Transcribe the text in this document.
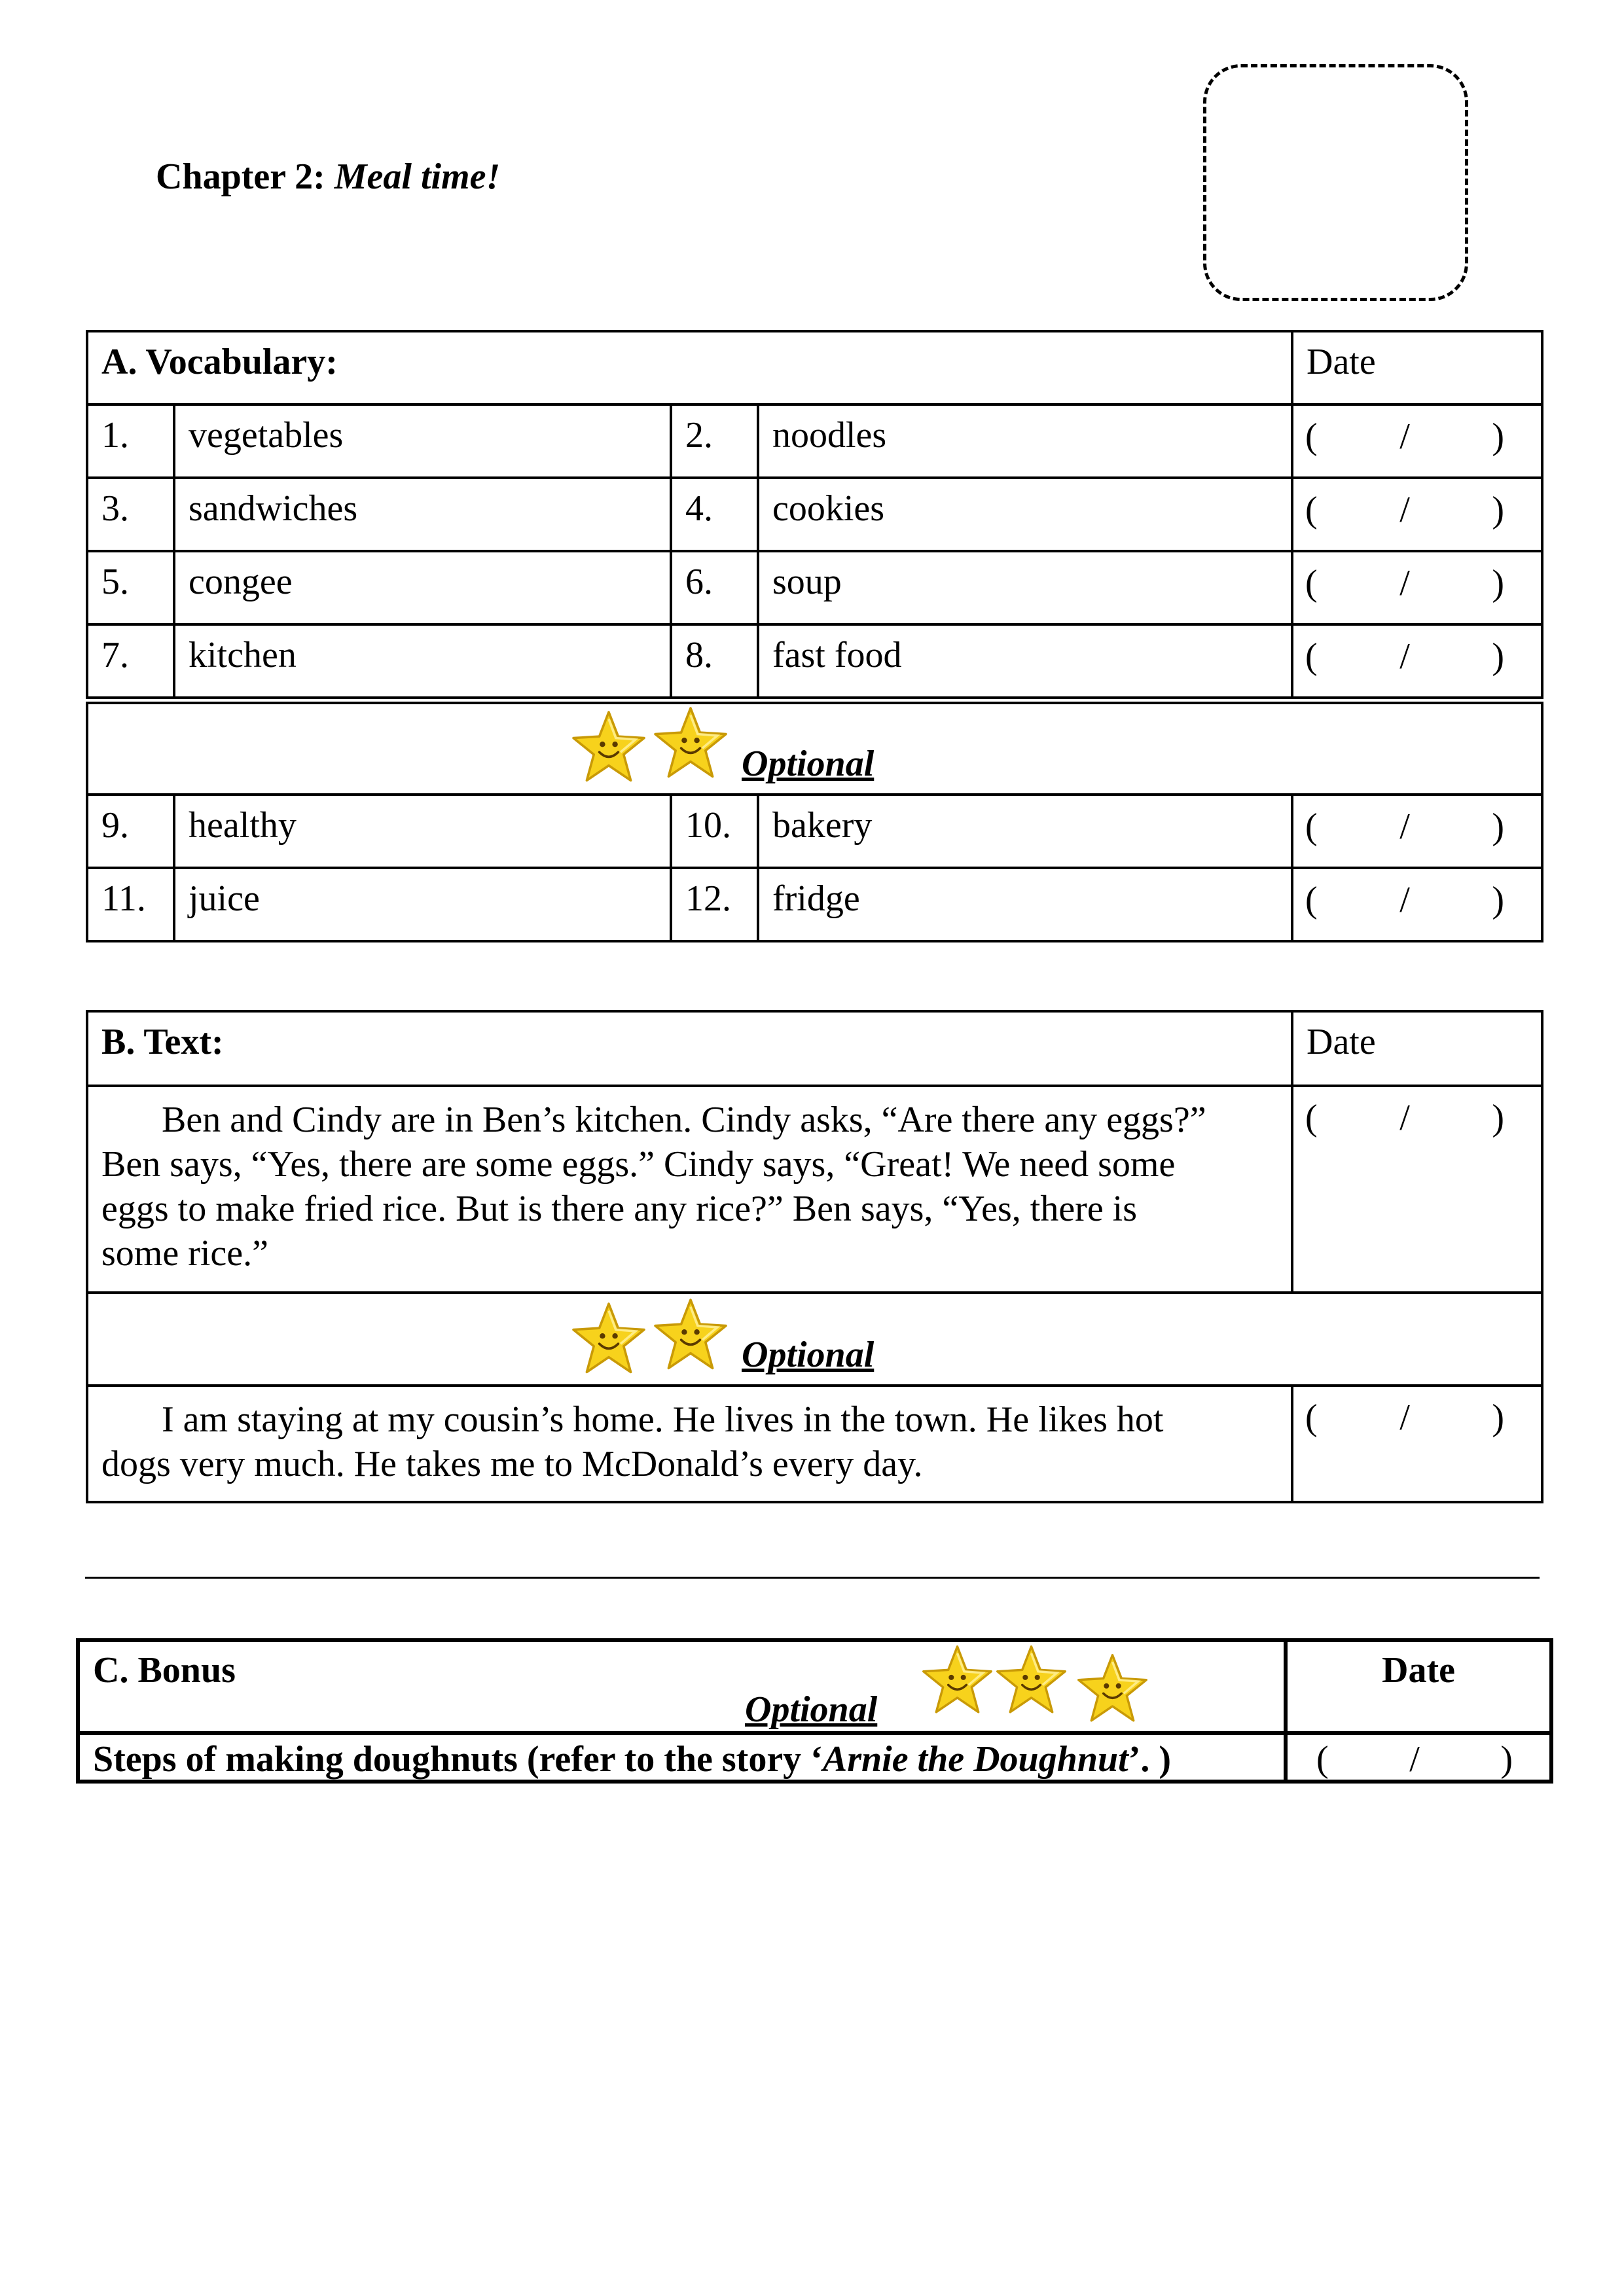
Chapter 2: Meal time!
A. Vocabulary:	Date
1.	vegetables	2.	noodles	( / )
3.	sandwiches	4.	cookies	( / )
5.	congee	6.	soup	( / )
7.	kitchen	8.	fast food	( / )
Optional
9.	healthy	10.	bakery	( / )
11.	juice	12.	fridge	( / )
B. Text:	Date
Ben and Cindy are in Ben’s kitchen. Cindy asks, “Are there any eggs?”
Ben says, “Yes, there are some eggs.” Cindy says, “Great! We need some
eggs to make fried rice. But is there any rice?” Ben says, “Yes, there is
some rice.”
( / )
Optional
I am staying at my cousin’s home. He lives in the town. He likes hot
dogs very much. He takes me to McDonald’s every day.
( / )
C. Bonus	Date
Steps of making doughnuts (refer to the story ‘Arnie the Doughnut’. )	( / )
Optional
